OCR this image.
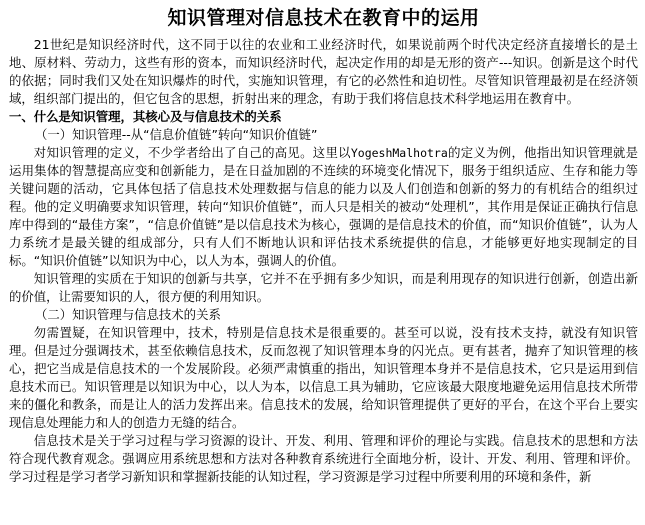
知识管理对信息技术在教育中的运用

21世纪是知识经济时代，这不同于以往的农业和工业经济时代，如果说前两个时代决定经济直接增长的是土地、原材料、劳动力，这些有形的资本，而知识经济时代，起决定作用的却是无形的资产---知识。创新是这个时代的依据；同时我们又处在知识爆炸的时代，实施知识管理，有它的必然性和迫切性。尽管知识管理最初是在经济领域，组织部门提出的，但它包含的思想，折射出来的理念，有助于我们将信息技术科学地运用在教育中。

一、什么是知识管理，其核心及与信息技术的关系

（一）知识管理--从“信息价值链”转向“知识价值链”

对知识管理的定义，不少学者给出了自己的高见。这里以YogeshMalhotra的定义为例，他指出知识管理就是运用集体的智慧提高应变和创新能力，是在日益加剧的不连续的环境变化情况下，服务于组织适应、生存和能力等关键问题的活动，它具体包括了信息技术处理数据与信息的能力以及人们创造和创新的努力的有机结合的组织过程。他的定义明确要求知识管理，转向“知识价值链”，而人只是相关的被动“处理机”，其作用是保证正确执行信息库中得到的“最佳方案”，“信息价值链”是以信息技术为核心，强调的是信息技术的价值，而“知识价值链”，认为人力系统才是最关键的组成部分，只有人们不断地认识和评估技术系统提供的信息，才能够更好地实现制定的目标。“知识价值链”以知识为中心，以人为本，强调人的价值。

知识管理的实质在于知识的创新与共享，它并不在乎拥有多少知识，而是利用现存的知识进行创新，创造出新的价值，让需要知识的人，很方便的利用知识。

（二）知识管理与信息技术的关系

勿需置疑，在知识管理中，技术，特别是信息技术是很重要的。甚至可以说，没有技术支持，就没有知识管理。但是过分强调技术，甚至依赖信息技术，反而忽视了知识管理本身的闪光点。更有甚者，抛弃了知识管理的核心，把它当成是信息技术的一个发展阶段。必须严肃慎重的指出，知识管理本身并不是信息技术，它只是运用到信息技术而已。知识管理是以知识为中心，以人为本，以信息工具为辅助，它应该最大限度地避免运用信息技术所带来的僵化和教条，而是让人的活力发挥出来。信息技术的发展，给知识管理提供了更好的平台，在这个平台上要实现信息处理能力和人的创造力无缝的结合。

信息技术是关于学习过程与学习资源的设计、开发、利用、管理和评价的理论与实践。信息技术的思想和方法符合现代教育观念。强调应用系统思想和方法对各种教育系统进行全面地分析，设计、开发、利用、管理和评价。学习过程是学习者学习新知识和掌握新技能的认知过程，学习资源是学习过程中所要利用的环境和条件，新
